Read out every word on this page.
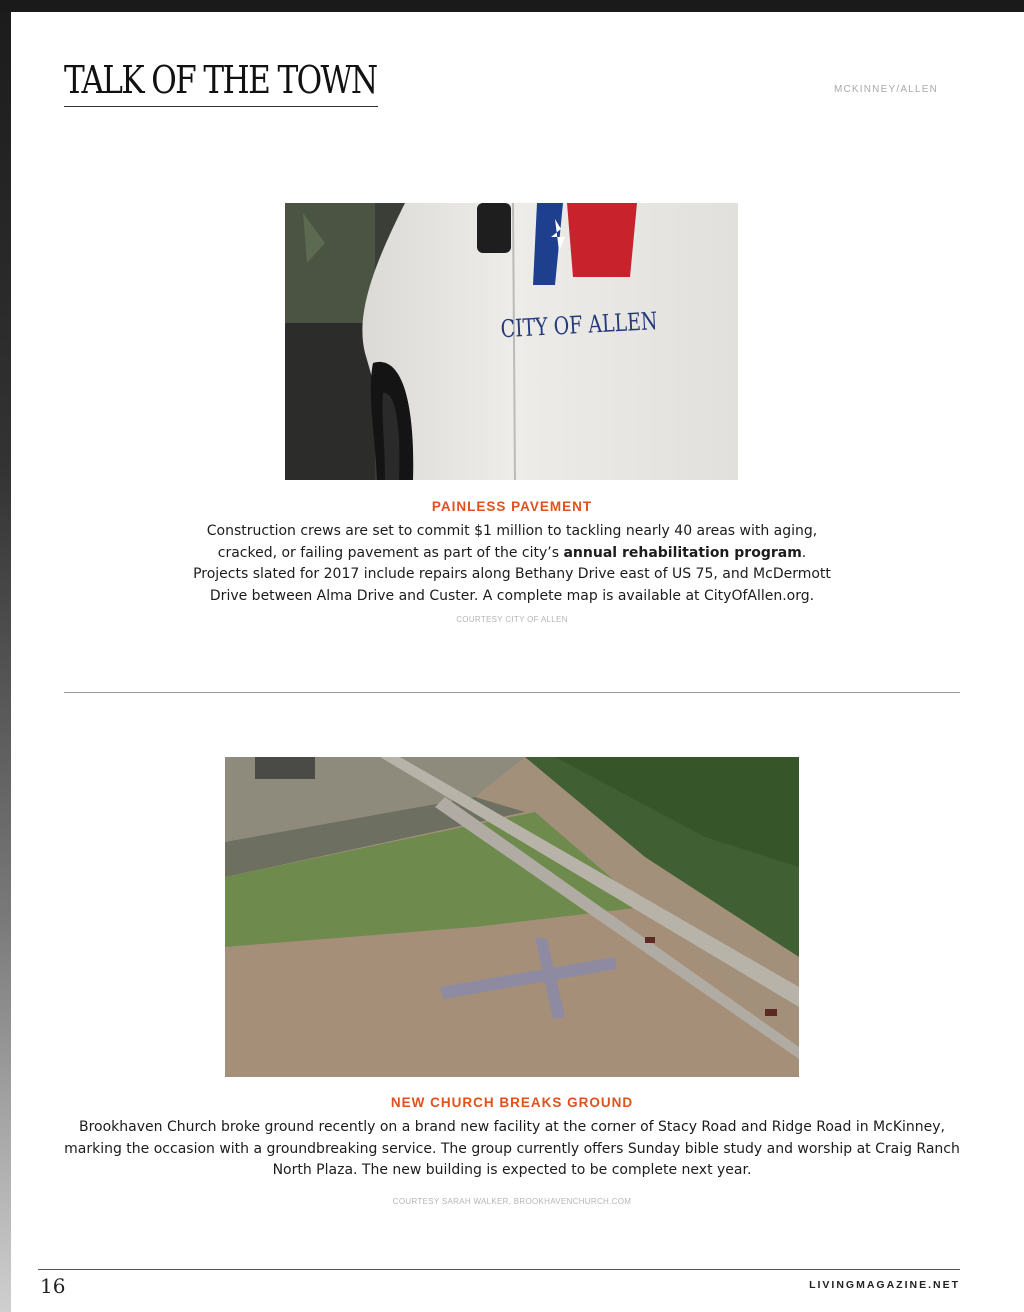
TALK OF THE TOWN	MCKINNEY/ALLEN
CITY OF ALLEN
PAINLESS PAVEMENT

Construction crews are set to commit $1 million to tackling nearly 40 areas with aging, cracked, or failing pavement as part of the city’s annual rehabilitation program. Projects slated for 2017 include repairs along Bethany Drive east of US 75, and McDermott Drive between Alma Drive and Custer. A complete map is available at CityOfAllen.org.

COURTESY CITY OF ALLEN
NEW CHURCH BREAKS GROUND

Brookhaven Church broke ground recently on a brand new facility at the corner of Stacy Road and Ridge Road in McKinney, marking the occasion with a groundbreaking service. The group currently offers Sunday bible study and worship at Craig Ranch North Plaza. The new building is expected to be complete next year.

COURTESY SARAH WALKER, BROOKHAVENCHURCH.COM
16	LIVINGMAGAZINE.NET
